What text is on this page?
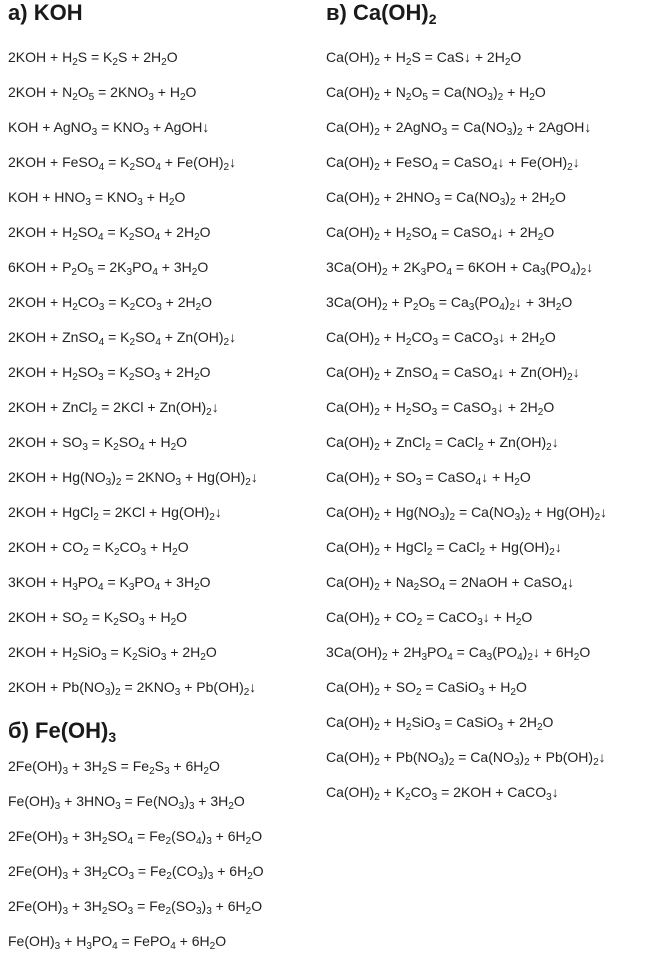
а) KOH
$2KOH + H_2S = K_2S + 2H_2O$
$2KOH + N_2O_5 = 2KNO_3 + H_2O$
KOH + AgNO$_3$ = $KNO_3$ + AgOH↓
2KOH + FeSO$_4$ = $K_2SO_4$ + $Fe(OH)_2↓$
KOH + $HNO_3 = KNO_3 + H_2O$
$2KOH + H_2SO_4 = K_2SO_4 + 2H_2O$
$6KOH + P_2O_5 = 2K_3PO_4 + 3H_2O$
$2KOH + H_2CO_3 = K_2CO_3 + 2H_2O$
2KOH + ZnSO$_4$ = $K_2SO_4$ + $Zn(OH)_2↓$
$2KOH + H_2SO_3 = K_2SO_3 + 2H_2O$
2KOH + ZnCl$_2$ = $2KCl + Zn(OH)_2↓$
$2KOH + SO_3 = K_2SO_4 + H_2O$
$2KOH + Hg(NO_3)_2 = 2KNO_3$ + $Hg(OH)_2↓$
2KOH + HgCl$_2$ = $2KCl + Hg(OH)_2↓$
$2KOH + CO_2 = K_2CO_3 + H_2O$
$3KOH + H_3PO_4 = K_3PO_4 + 3H_2O$
$2KOH + SO_2 = K_2SO_3 + H_2O$
$2KOH + H_2SiO_3 = K_2SiO_3 + 2H_2O$
$2KOH + Pb(NO_3)_2 = 2KNO_3$ + $Pb(OH)_2↓$
б) $Fe(OH)_3$
$2Fe(OH)_3 + 3H_2S = Fe_2S_3 + 6H_2O$
$Fe(OH)_3 + 3HNO_3 = Fe(NO_3)_3 + 3H_2O$
$2Fe(OH)_3 + 3H_2SO_4 = Fe_2(SO_4)_3 + 6H_2O$
$2Fe(OH)_3 + 3H_2CO_3 = Fe_2(CO_3)_3 + 6H_2O$
$2Fe(OH)_3 + 3H_2SO_3 = Fe_2(SO_3)_3 + 6H_2O$
$Fe(OH)_3 + H_3PO_4$ = FePO$_4$ + $6H_2O$
в) $Ca(OH)_2$
$Ca(OH)_2 + H_2S$ = CaS↓ + $2H_2O$
$Ca(OH)_2 + N_2O_5 = Ca(NO_3)_2 + H_2O$
$Ca(OH)_2$ + 2AgNO$_3$ = $Ca(NO_3)_2$ + 2AgOH↓
$Ca(OH)_2$ + FeSO$_4$ = CaSO$_4$↓ + $Fe(OH)_2↓$
$Ca(OH)_2 + 2HNO_3 = Ca(NO_3)_2 + 2H_2O$
$Ca(OH)_2 + H_2SO_4$ = CaSO$_4$↓ + $2H_2O$
$3Ca(OH)_2 + 2K_3PO_4 = 6KOH$ + $Ca_3(PO_4)_2↓$
$3Ca(OH)_2 + P_2O_5$ = $Ca_3(PO_4)_2↓ + 3H_2O$
$Ca(OH)_2 + H_2CO_3$ = CaCO$_3$↓ + $2H_2O$
$Ca(OH)_2$ + ZnSO$_4$ = CaSO$_4$↓ + $Zn(OH)_2↓$
$Ca(OH)_2 + H_2SO_3$ = CaSO$_3$↓ + $2H_2O$
$Ca(OH)_2$ + ZnCl$_2$ = CaCl$_2$ + $Zn(OH)_2↓$
$Ca(OH)_2 + SO_3$ = CaSO$_4$↓ + $H_2O$
$Ca(OH)_2 + Hg(NO_3)_2 = Ca(NO_3)_2$ + $Hg(OH)_2↓$
$Ca(OH)_2$ + HgCl$_2$ = CaCl$_2$ + $Hg(OH)_2↓$
$Ca(OH)_2 + Na_2SO_4$ = 2NaOH + CaSO$_4$↓
$Ca(OH)_2 + CO_2$ = CaCO$_3$↓ + $H_2O$
$3Ca(OH)_2 + 2H_3PO_4$ = $Ca_3(PO_4)_2↓ + 6H_2O$
$Ca(OH)_2 + SO_2$ = CaSiO$_3$ + $H_2O$
$Ca(OH)_2 + H_2SiO_3$ = CaSiO$_3$ + $2H_2O$
$Ca(OH)_2 + Pb(NO_3)_2 = Ca(NO_3)_2$ + $Pb(OH)_2↓$
$Ca(OH)_2 + K_2CO_3 = 2KOH$ + CaCO$_3$↓
